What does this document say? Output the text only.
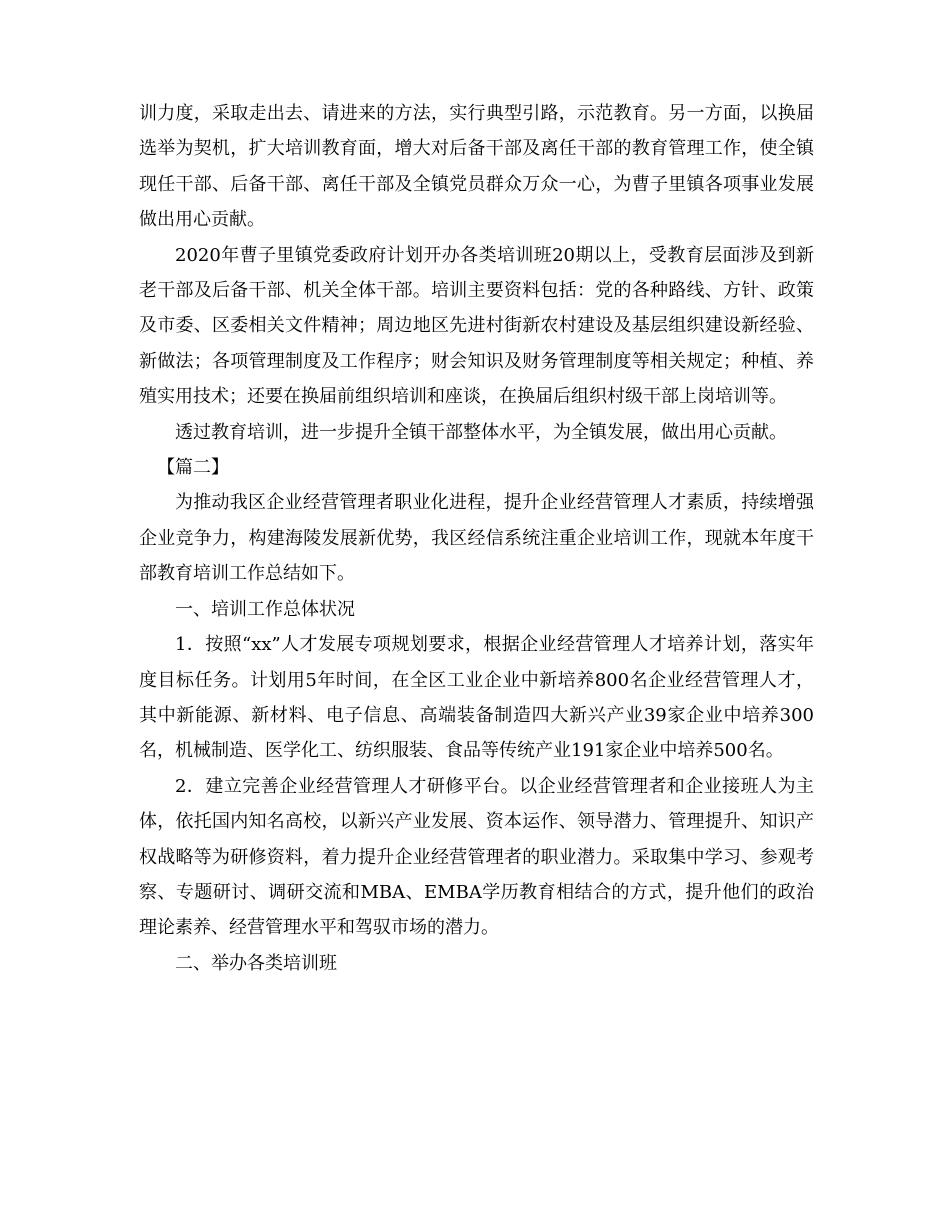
训力度，采取走出去、请进来的方法，实行典型引路，示范教育。另一方面，以换届选举为契机，扩大培训教育面，增大对后备干部及离任干部的教育管理工作，使全镇现任干部、后备干部、离任干部及全镇党员群众万众一心，为曹子里镇各项事业发展做出用心贡献。

2020年曹子里镇党委政府计划开办各类培训班20期以上，受教育层面涉及到新老干部及后备干部、机关全体干部。培训主要资料包括：党的各种路线、方针、政策及市委、区委相关文件精神；周边地区先进村街新农村建设及基层组织建设新经验、新做法；各项管理制度及工作程序；财会知识及财务管理制度等相关规定；种植、养殖实用技术；还要在换届前组织培训和座谈，在换届后组织村级干部上岗培训等。

透过教育培训，进一步提升全镇干部整体水平，为全镇发展，做出用心贡献。

【篇二】

为推动我区企业经营管理者职业化进程，提升企业经营管理人才素质，持续增强企业竞争力，构建海陵发展新优势，我区经信系统注重企业培训工作，现就本年度干部教育培训工作总结如下。

一、培训工作总体状况

1．按照“xx”人才发展专项规划要求，根据企业经营管理人才培养计划，落实年度目标任务。计划用5年时间，在全区工业企业中新培养800名企业经营管理人才，其中新能源、新材料、电子信息、高端装备制造四大新兴产业39家企业中培养300名，机械制造、医学化工、纺织服装、食品等传统产业191家企业中培养500名。

2．建立完善企业经营管理人才研修平台。以企业经营管理者和企业接班人为主体，依托国内知名高校，以新兴产业发展、资本运作、领导潜力、管理提升、知识产权战略等为研修资料，着力提升企业经营管理者的职业潜力。采取集中学习、参观考察、专题研讨、调研交流和MBA、EMBA学历教育相结合的方式，提升他们的政治理论素养、经营管理水平和驾驭市场的潜力。

二、举办各类培训班
